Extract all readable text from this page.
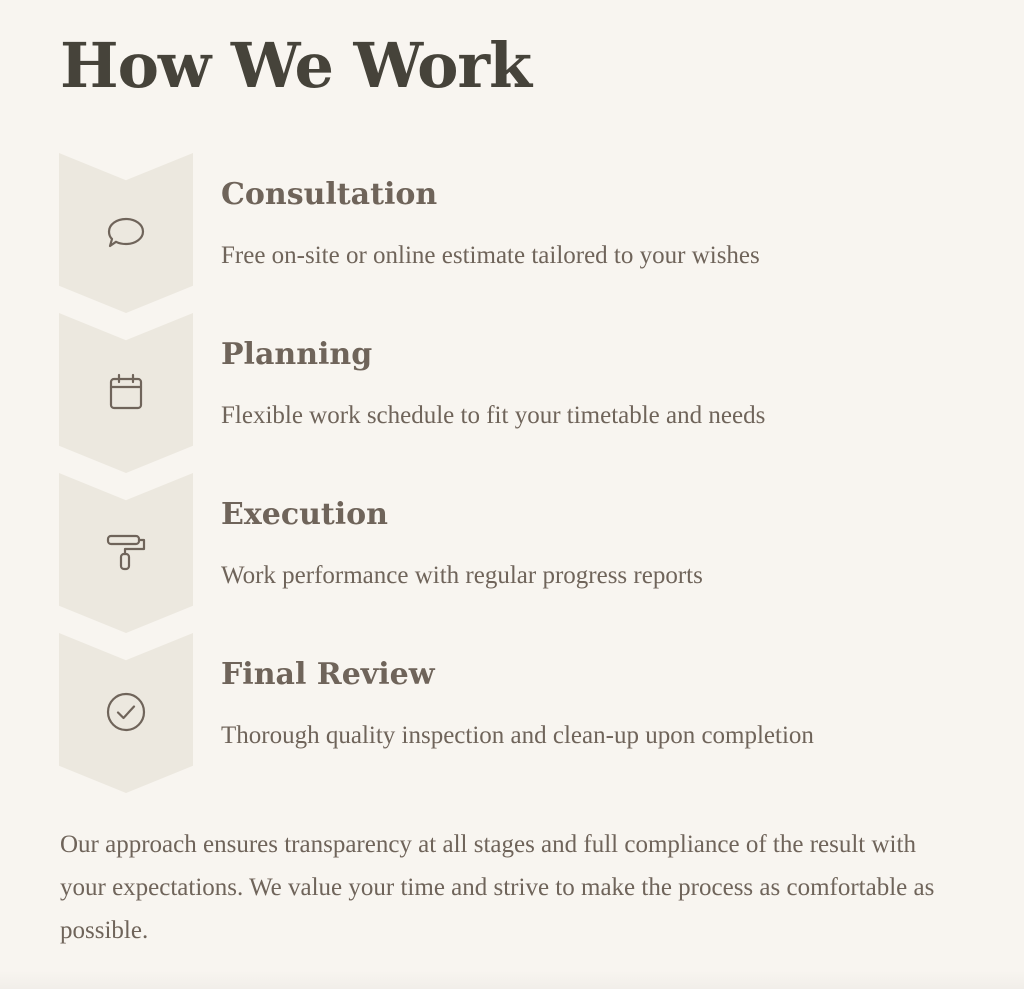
How We Work
Consultation

Free on-site or online estimate tailored to your wishes

Planning

Flexible work schedule to fit your timetable and needs

Execution

Work performance with regular progress reports

Final Review

Thorough quality inspection and clean-up upon completion

Our approach ensures transparency at all stages and full compliance of the result with your expectations. We value your time and strive to make the process as comfortable as possible.
